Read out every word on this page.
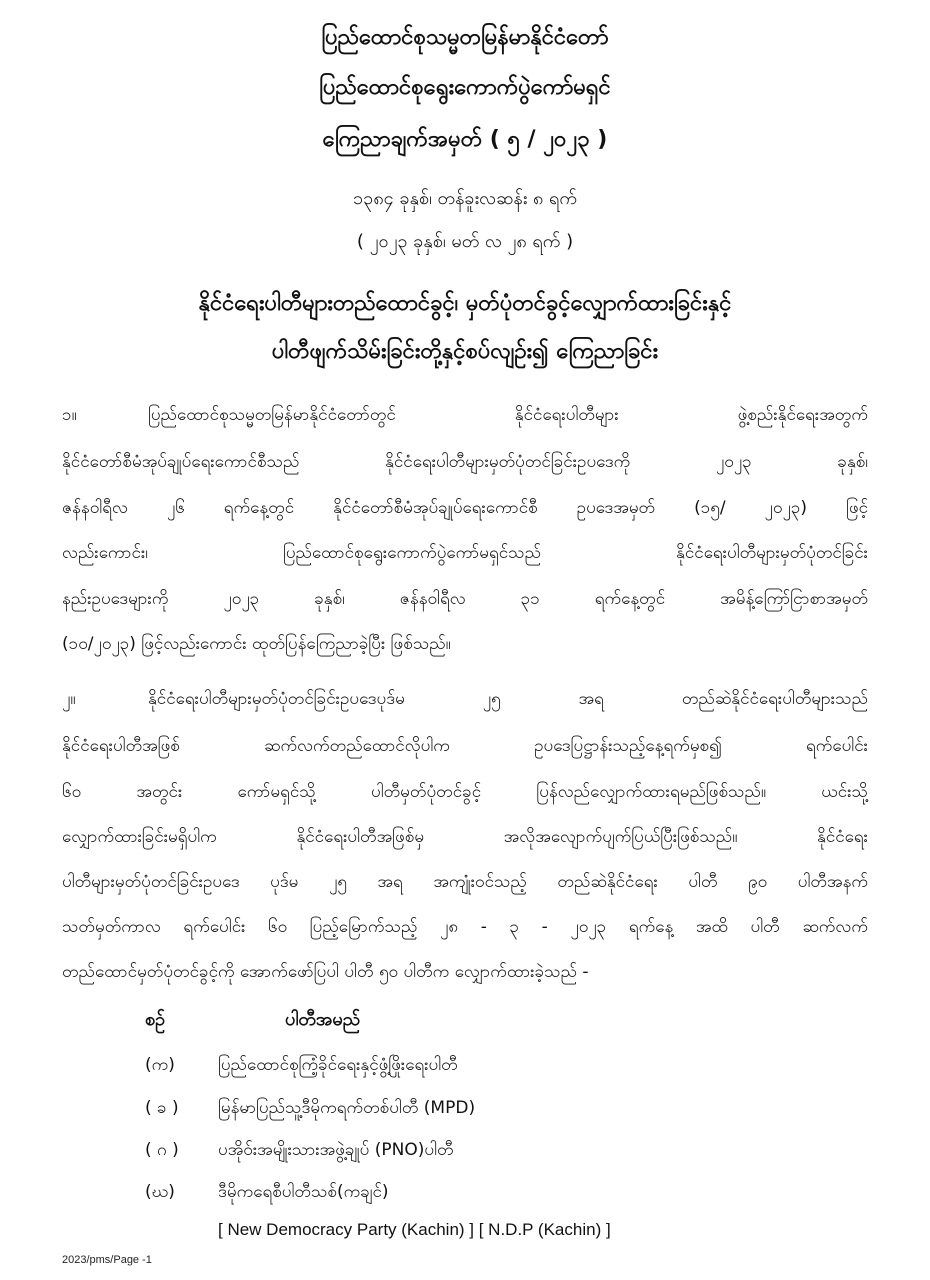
ပြည်ထောင်စုသမ္မတမြန်မာနိုင်ငံတော်
ပြည်ထောင်စုရွေးကောက်ပွဲကော်မရှင်
ကြေညာချက်အမှတ် ( ၅ / ၂၀၂၃ )
၁၃၈၄ ခုနှစ်၊ တန်ခူးလဆန်း ၈ ရက်
( ၂၀၂၃ ခုနှစ်၊ မတ် လ ၂၈ ရက် )
နိုင်ငံရေးပါတီများတည်ထောင်ခွင့်၊ မှတ်ပုံတင်ခွင့်လျှောက်ထားခြင်းနှင့်
ပါတီဖျက်သိမ်းခြင်းတို့နှင့်စပ်လျဉ်း၍ ကြေညာခြင်း
၁။	ပြည်ထောင်စုသမ္မတမြန်မာနိုင်ငံတော်တွင် နိုင်ငံရေးပါတီများ ဖွဲ့စည်းနိုင်ရေးအတွက်
နိုင်ငံတော်စီမံအုပ်ချုပ်ရေးကောင်စီသည် နိုင်ငံရေးပါတီများမှတ်ပုံတင်ခြင်းဥပဒေကို ၂၀၂၃ ခုနှစ်၊
ဇန်နဝါရီလ ၂၆ ရက်နေ့တွင် နိုင်ငံတော်စီမံအုပ်ချုပ်ရေးကောင်စီ ဥပဒေအမှတ် (၁၅/ ၂၀၂၃) ဖြင့်
လည်းကောင်း၊ ပြည်ထောင်စုရွေးကောက်ပွဲကော်မရှင်သည် နိုင်ငံရေးပါတီများမှတ်ပုံတင်ခြင်း
နည်းဥပဒေများကို ၂၀၂၃ ခုနှစ်၊ ဇန်နဝါရီလ ၃၁ ရက်နေ့တွင် အမိန့်ကြော်ငြာစာအမှတ်
(၁၀/၂၀၂၃) ဖြင့်လည်းကောင်း ထုတ်ပြန်ကြေညာခဲ့ပြီး ဖြစ်သည်။
၂။	နိုင်ငံရေးပါတီများမှတ်ပုံတင်ခြင်းဥပဒေပုဒ်မ ၂၅ အရ တည်ဆဲနိုင်ငံရေးပါတီများသည်
နိုင်ငံရေးပါတီအဖြစ် ဆက်လက်တည်ထောင်လိုပါက ဥပဒေပြဋ္ဌာန်းသည့်နေ့ရက်မှစ၍ ရက်ပေါင်း
၆၀ အတွင်း ကော်မရှင်သို့ ပါတီမှတ်ပုံတင်ခွင့် ပြန်လည်လျှောက်ထားရမည်ဖြစ်သည်။ ယင်းသို့
လျှောက်ထားခြင်းမရှိပါက နိုင်ငံရေးပါတီအဖြစ်မှ အလိုအလျောက်ပျက်ပြယ်ပြီးဖြစ်သည်။ နိုင်ငံရေး
ပါတီများမှတ်ပုံတင်ခြင်းဥပဒေ ပုဒ်မ ၂၅ အရ အကျုံးဝင်သည့် တည်ဆဲနိုင်ငံရေး ပါတီ ၉၀ ပါတီအနက်
သတ်မှတ်ကာလ ရက်ပေါင်း ၆၀ ပြည့်မြောက်သည့် ၂၈ - ၃ - ၂၀၂၃ ရက်နေ့ အထိ ပါတီ ဆက်လက်
တည်ထောင်မှတ်ပုံတင်ခွင့်ကို အောက်ဖော်ပြပါ ပါတီ ၅၀ ပါတီက လျှောက်ထားခဲ့သည် -
စဉ်	ပါတီအမည်
(က)	ပြည်ထောင်စုကြံ့ခိုင်ရေးနှင့်ဖွံ့ဖြိုးရေးပါတီ
( ခ ) မြန်မာပြည်သူ့ဒီမိုကရက်တစ်ပါတီ (MPD)
( ဂ ) ပအိုဝ်းအမျိုးသားအဖွဲ့ချုပ် (PNO)ပါတီ
(ဃ)	ဒီမိုကရေစီပါတီသစ်(ကချင်)
[ New Democracy Party (Kachin) ] [ N.D.P (Kachin) ]
2023/pms/Page -1
